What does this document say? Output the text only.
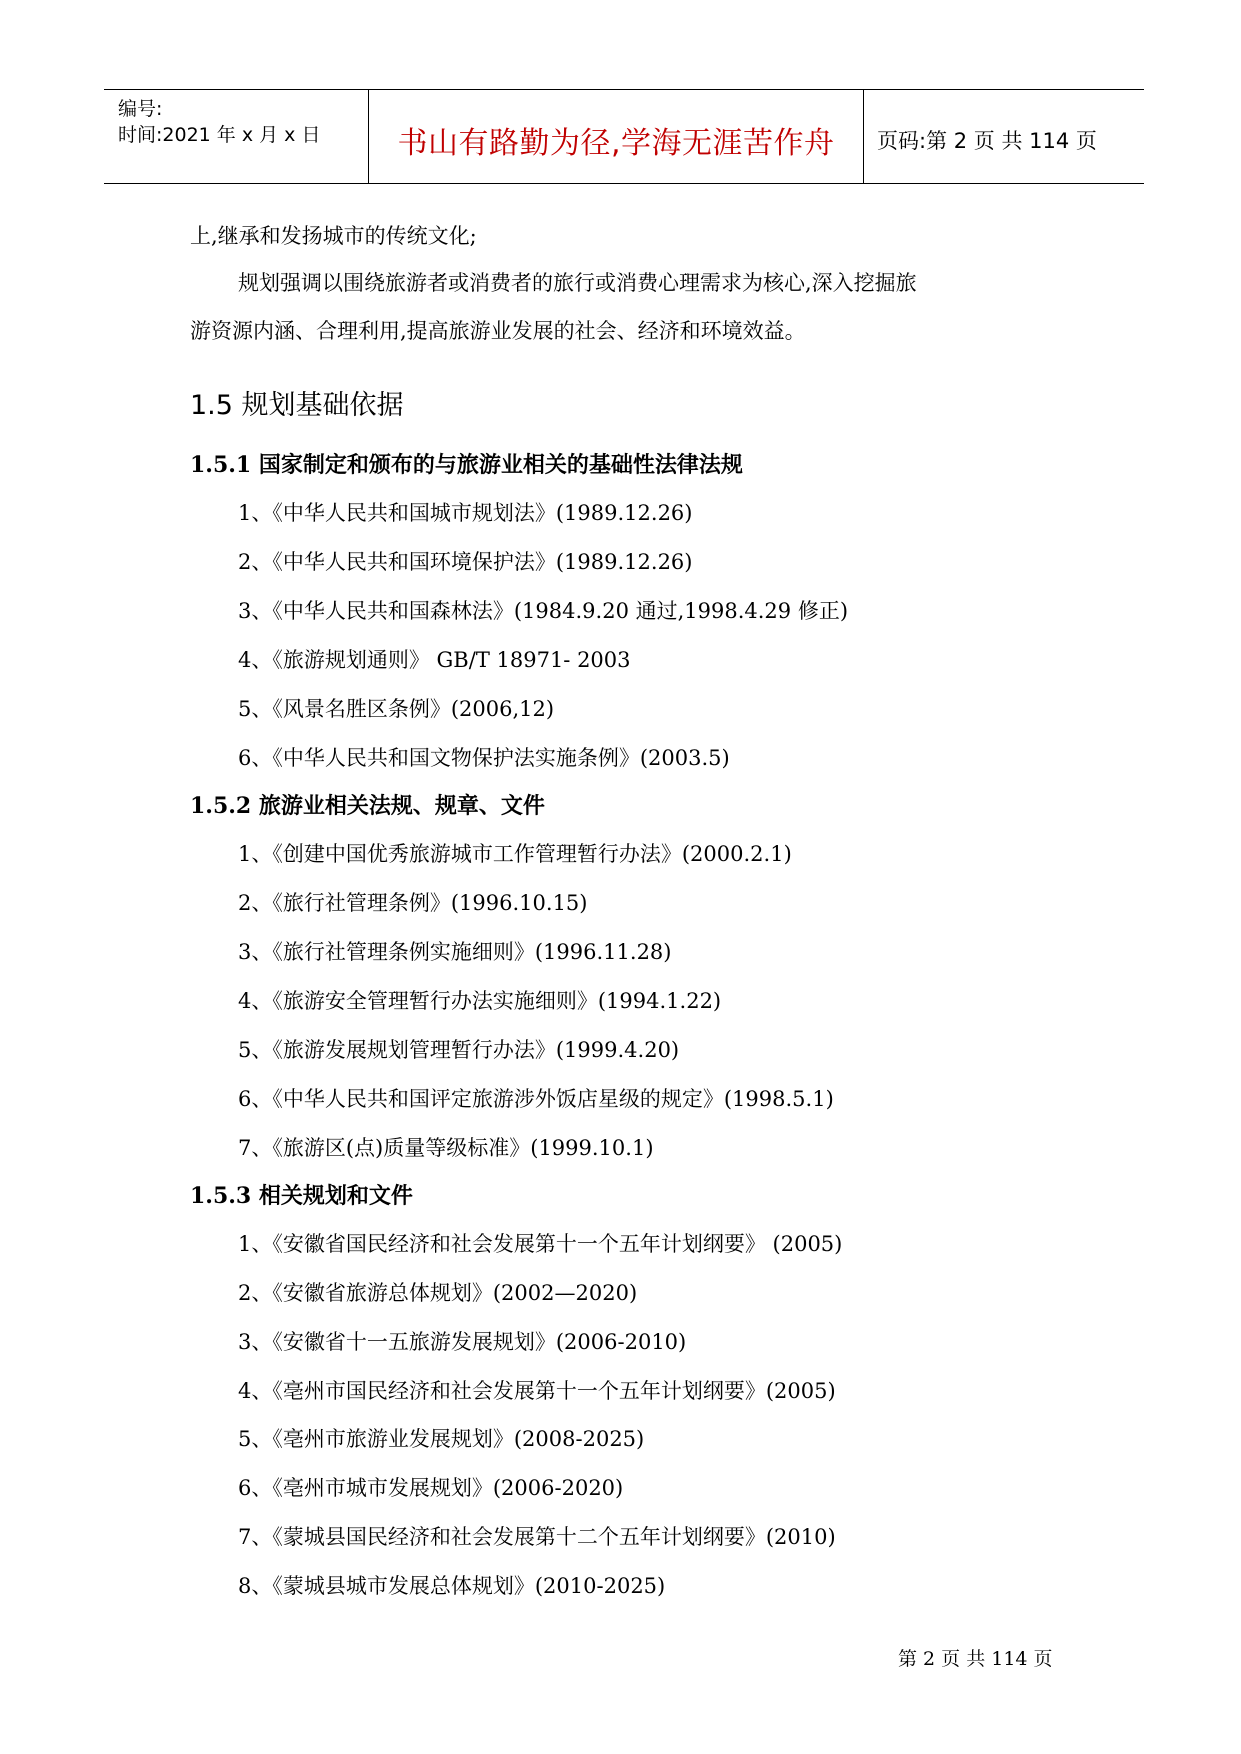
编号:
时间:2021 年 x 月 x 日	书山有路勤为径,学海无涯苦作舟	页码:第 2 页 共 114 页
上,继承和发扬城市的传统文化;
规划强调以围绕旅游者或消费者的旅行或消费心理需求为核心,深入挖掘旅
游资源内涵、合理利用,提高旅游业发展的社会、经济和环境效益。
1.5 规划基础依据
1.5.1 国家制定和颁布的与旅游业相关的基础性法律法规
1、《中华人民共和国城市规划法》(1989.12.26)
2、《中华人民共和国环境保护法》(1989.12.26)
3、《中华人民共和国森林法》(1984.9.20 通过,1998.4.29 修正)
4、《旅游规划通则》 GB/T 18971- 2003
5、《风景名胜区条例》(2006,12)
6、《中华人民共和国文物保护法实施条例》(2003.5)
1.5.2 旅游业相关法规、规章、文件
1、《创建中国优秀旅游城市工作管理暂行办法》(2000.2.1)
2、《旅行社管理条例》(1996.10.15)
3、《旅行社管理条例实施细则》(1996.11.28)
4、《旅游安全管理暂行办法实施细则》(1994.1.22)
5、《旅游发展规划管理暂行办法》(1999.4.20)
6、《中华人民共和国评定旅游涉外饭店星级的规定》(1998.5.1)
7、《旅游区(点)质量等级标准》(1999.10.1)
1.5.3 相关规划和文件
1、《安徽省国民经济和社会发展第十一个五年计划纲要》 (2005)
2、《安徽省旅游总体规划》(2002—2020)
3、《安徽省十一五旅游发展规划》(2006-2010)
4、《亳州市国民经济和社会发展第十一个五年计划纲要》(2005)
5、《亳州市旅游业发展规划》(2008-2025)
6、《亳州市城市发展规划》(2006-2020)
7、《蒙城县国民经济和社会发展第十二个五年计划纲要》(2010)
8、《蒙城县城市发展总体规划》(2010-2025)
第 2 页 共 114 页
